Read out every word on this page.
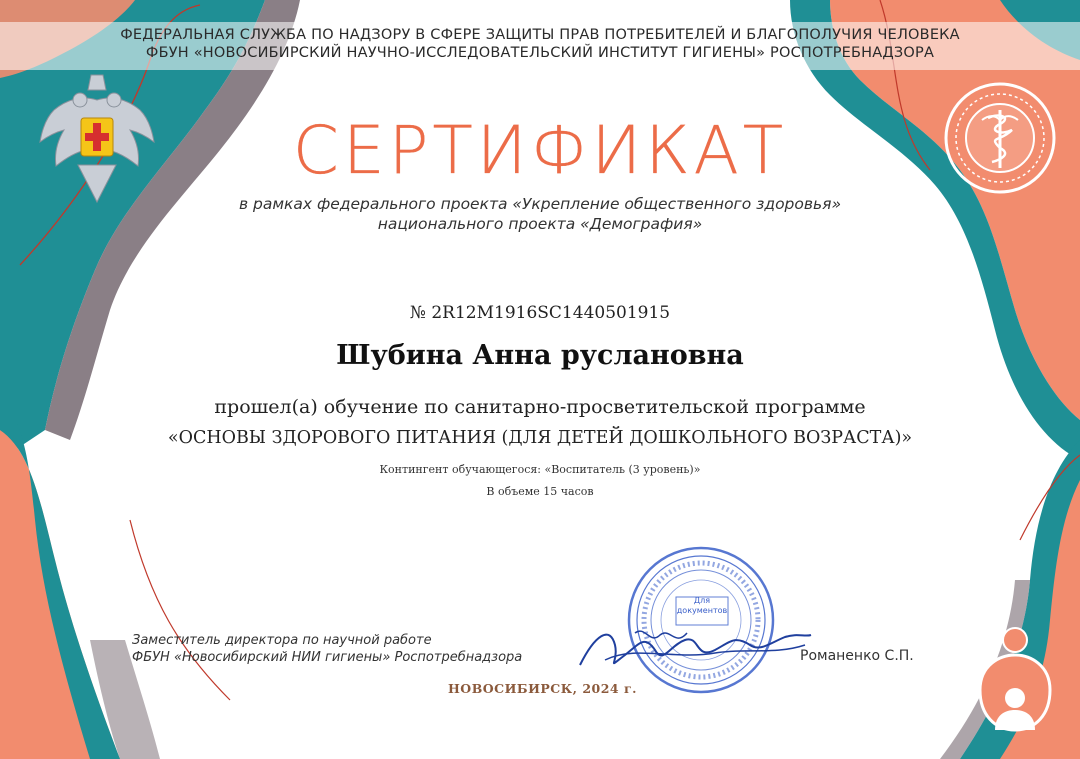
ФЕДЕРАЛЬНАЯ СЛУЖБА ПО НАДЗОРУ В СФЕРЕ ЗАЩИТЫ ПРАВ ПОТРЕБИТЕЛЕЙ И БЛАГОПОЛУЧИЯ ЧЕЛОВЕКА
ФБУН «НОВОСИБИРСКИЙ НАУЧНО-ИССЛЕДОВАТЕЛЬСКИЙ ИНСТИТУТ ГИГИЕНЫ» РОСПОТРЕБНАДЗОРА
СЕРТИФИКАТ
в рамках федерального проекта «Укрепление общественного здоровья»
национального проекта «Демография»
№ 2R12M1916SC1440501915
Шубина Анна руслановна
прошел(а) обучение по санитарно-просветительской программе
«ОСНОВЫ ЗДОРОВОГО ПИТАНИЯ (ДЛЯ ДЕТЕЙ ДОШКОЛЬНОГО ВОЗРАСТА)»
Контингент обучающегося: «Воспитатель (3 уровень)»
В объеме 15 часов
Для
документов
Заместитель директора по научной работе
ФБУН «Новосибирский НИИ гигиены» Роспотребнадзора	Романенко С.П.
НОВОСИБИРСК, 2024 г.
